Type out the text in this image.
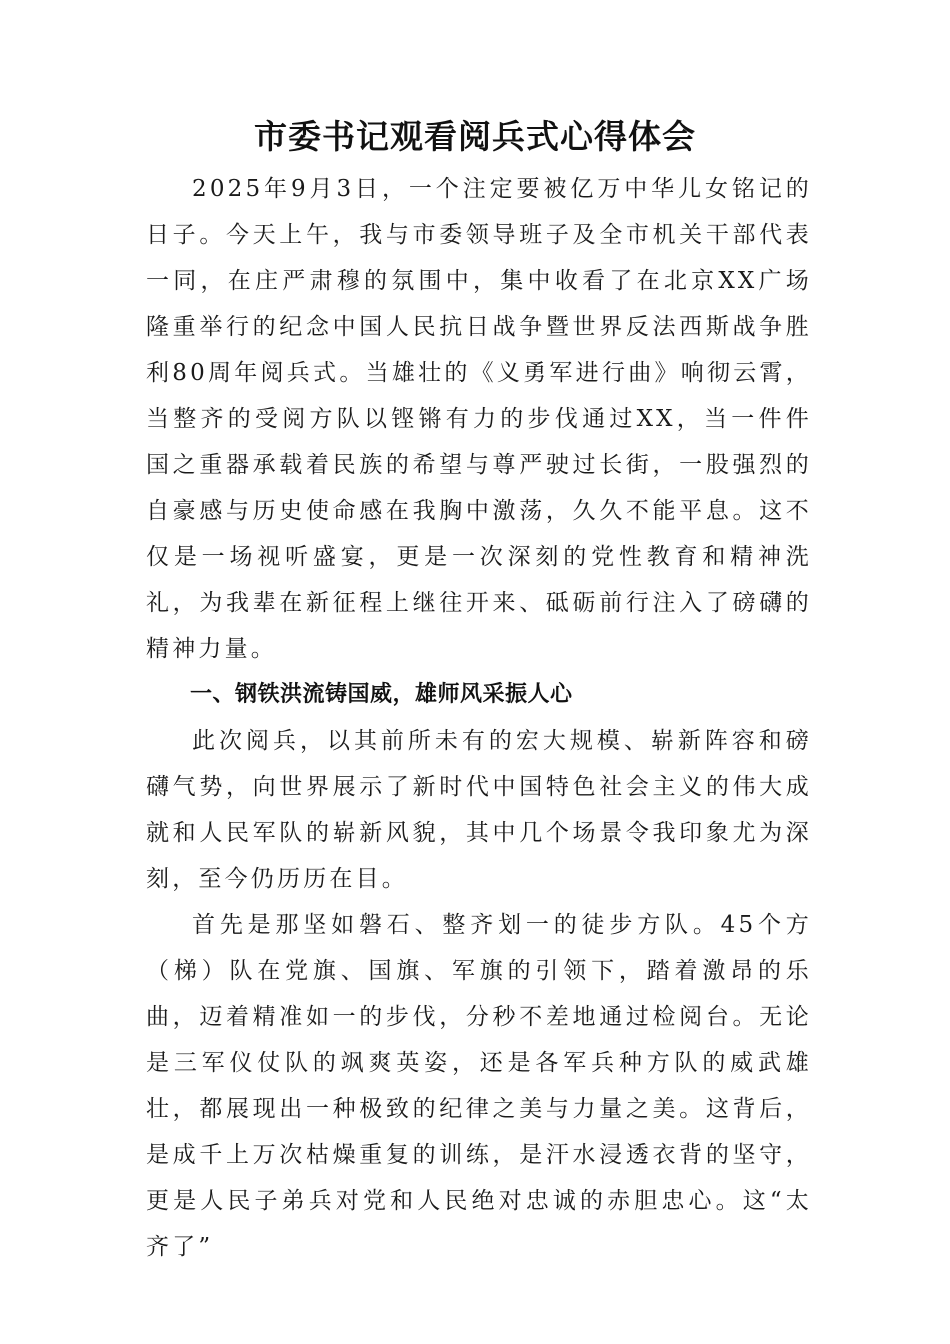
市委书记观看阅兵式心得体会

2025年9月3日，一个注定要被亿万中华儿女铭记的日子。今天上午，我与市委领导班子及全市机关干部代表一同，在庄严肃穆的氛围中，集中收看了在北京XX广场隆重举行的纪念中国人民抗日战争暨世界反法西斯战争胜利80周年阅兵式。当雄壮的《义勇军进行曲》响彻云霄，当整齐的受阅方队以铿锵有力的步伐通过XX，当一件件国之重器承载着民族的希望与尊严驶过长街，一股强烈的自豪感与历史使命感在我胸中激荡，久久不能平息。这不仅是一场视听盛宴，更是一次深刻的党性教育和精神洗礼，为我辈在新征程上继往开来、砥砺前行注入了磅礴的精神力量。

一、钢铁洪流铸国威，雄师风采振人心

此次阅兵，以其前所未有的宏大规模、崭新阵容和磅礴气势，向世界展示了新时代中国特色社会主义的伟大成就和人民军队的崭新风貌，其中几个场景令我印象尤为深刻，至今仍历历在目。

首先是那坚如磐石、整齐划一的徒步方队。45个方（梯）队在党旗、国旗、军旗的引领下，踏着激昂的乐曲，迈着精准如一的步伐，分秒不差地通过检阅台。无论是三军仪仗队的飒爽英姿，还是各军兵种方队的威武雄壮，都展现出一种极致的纪律之美与力量之美。这背后，是成千上万次枯燥重复的训练，是汗水浸透衣背的坚守，更是人民子弟兵对党和人民绝对忠诚的赤胆忠心。这“太齐了”
